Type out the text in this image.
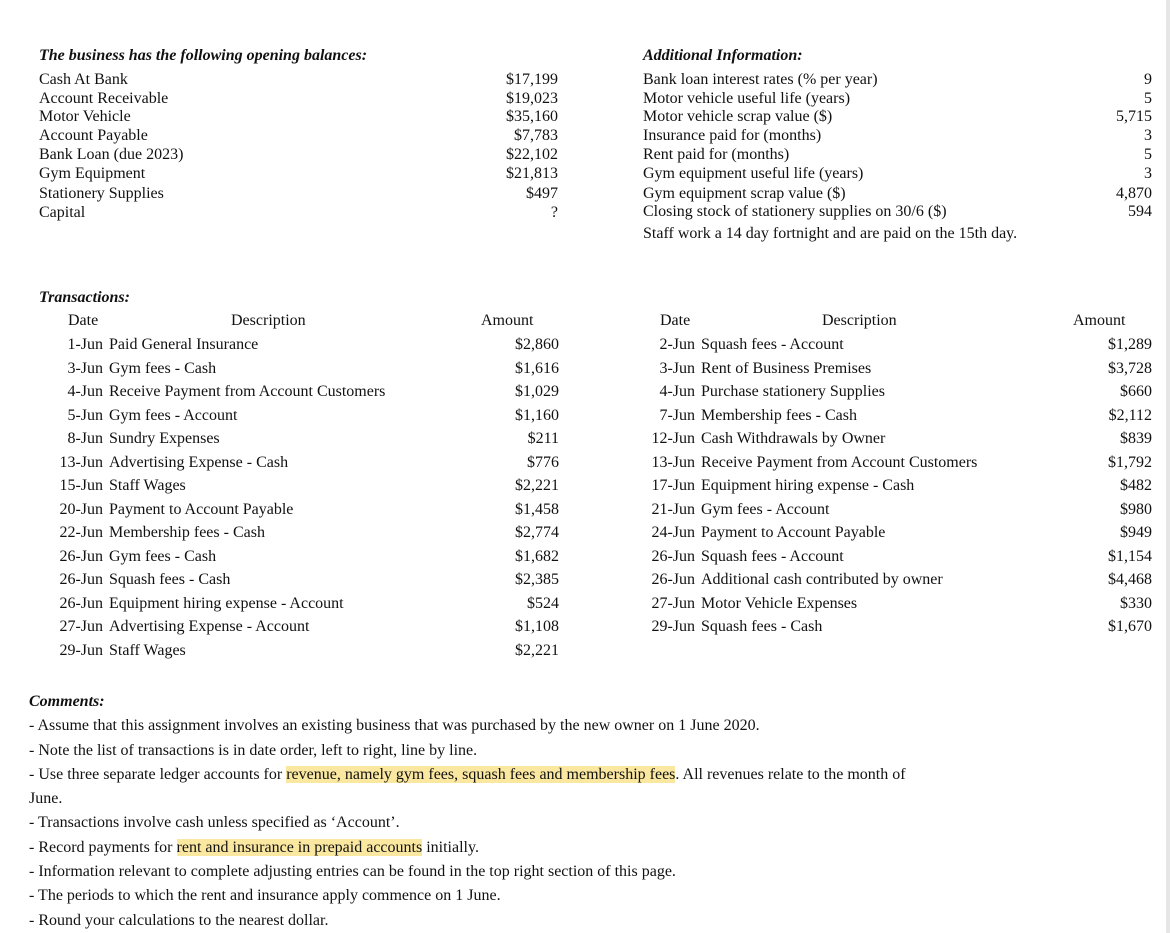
The business has the following opening balances:
Cash At Bank	$17,199
Account Receivable	$19,023
Motor Vehicle	$35,160
Account Payable	$7,783
Bank Loan (due 2023)	$22,102
Gym Equipment	$21,813
Stationery Supplies	$497
Capital	?
Additional Information:
Bank loan interest rates (% per year)	9
Motor vehicle useful life (years)	5
Motor vehicle scrap value ($)	5,715
Insurance paid for (months)	3
Rent paid for (months)	5
Gym equipment useful life (years)	3
Gym equipment scrap value ($)	4,870
Closing stock of stationery supplies on 30/6 ($)	594
Staff work a 14 day fortnight and are paid on the 15th day.
Transactions:
Date	Description	Amount	Date	Description	Amount
1-Jun Paid General Insurance	$2,860
3-Jun Gym fees - Cash	$1,616
4-Jun Receive Payment from Account Customers	$1,029
5-Jun Gym fees - Account	$1,160
8-Jun Sundry Expenses	$211
13-Jun Advertising Expense - Cash	$776
15-Jun Staff Wages	$2,221
20-Jun Payment to Account Payable	$1,458
22-Jun Membership fees - Cash	$2,774
26-Jun Gym fees - Cash	$1,682
26-Jun Squash fees - Cash	$2,385
26-Jun Equipment hiring expense - Account	$524
27-Jun Advertising Expense - Account	$1,108
29-Jun Staff Wages	$2,221
2-Jun Squash fees - Account	$1,289
3-Jun Rent of Business Premises	$3,728
4-Jun Purchase stationery Supplies	$660
7-Jun Membership fees - Cash	$2,112
12-Jun Cash Withdrawals by Owner	$839
13-Jun Receive Payment from Account Customers	$1,792
17-Jun Equipment hiring expense - Cash	$482
21-Jun Gym fees - Account	$980
24-Jun Payment to Account Payable	$949
26-Jun Squash fees - Account	$1,154
26-Jun Additional cash contributed by owner	$4,468
27-Jun Motor Vehicle Expenses	$330
29-Jun Squash fees - Cash	$1,670

Comments:

- Assume that this assignment involves an existing business that was purchased by the new owner on 1 June 2020.

- Note the list of transactions is in date order, left to right, line by line.

- Use three separate ledger accounts for revenue, namely gym fees, squash fees and membership fees. All revenues relate to the month of

June.

- Transactions involve cash unless specified as ‘Account’.

- Record payments for rent and insurance in prepaid accounts initially.

- Information relevant to complete adjusting entries can be found in the top right section of this page.

- The periods to which the rent and insurance apply commence on 1 June.

- Round your calculations to the nearest dollar.
